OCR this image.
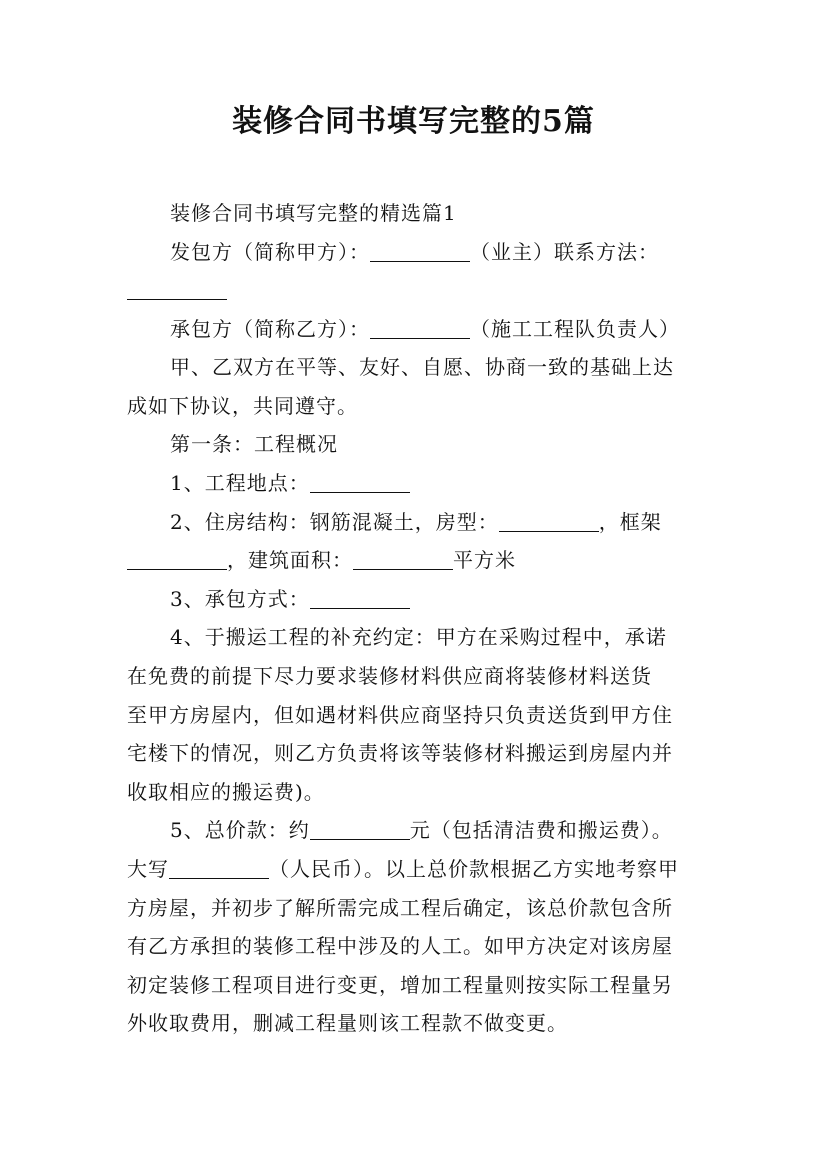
装修合同书填写完整的5篇
装修合同书填写完整的精选篇1
发包方（简称甲方）：	（业主）联系方法：
承包方（简称乙方）：	（施工工程队负责人）
甲、乙双方在平等、友好、自愿、协商一致的基础上达
成如下协议，共同遵守。
第一条：工程概况
1、工程地点：
2、住房结构：钢筋混凝土，房型：	，框架
，建筑面积：	平方米
3、承包方式：
4、于搬运工程的补充约定：甲方在采购过程中，承诺
在免费的前提下尽力要求装修材料供应商将装修材料送货
至甲方房屋内，但如遇材料供应商坚持只负责送货到甲方住
宅楼下的情况，则乙方负责将该等装修材料搬运到房屋内并
收取相应的搬运费)。
5、总价款：约	元（包括清洁费和搬运费）。
大写	（人民币）。以上总价款根据乙方实地考察甲
方房屋，并初步了解所需完成工程后确定，该总价款包含所
有乙方承担的装修工程中涉及的人工。如甲方决定对该房屋
初定装修工程项目进行变更，增加工程量则按实际工程量另
外收取费用，删减工程量则该工程款不做变更。
